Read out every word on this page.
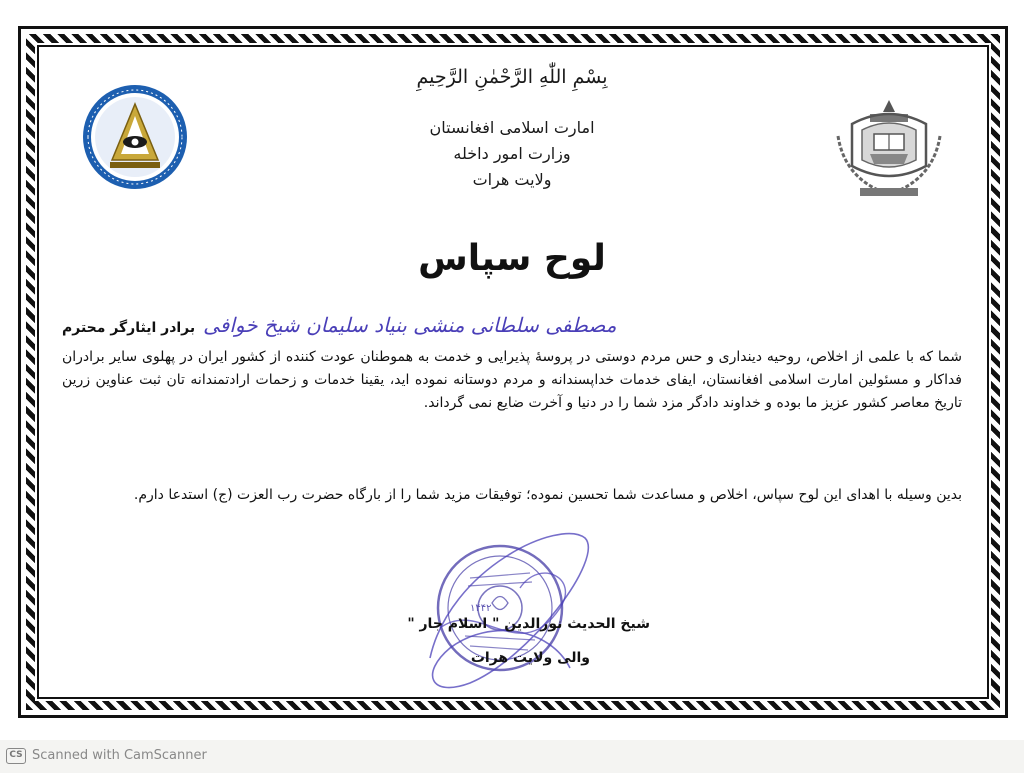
بِسْمِ اللّٰهِ الرَّحْمٰنِ الرَّحِيمِ
امارت اسلامی افغانستان
وزارت امور داخله
ولایت هرات
لوح سپاس
برادر ایثارگر محترم مصطفی سلطانی منشی بنیاد سلیمان شیخ خوافی
شما که با علمی از اخلاص، روحیه دینداری و حس مردم دوستی در پروسهٔ پذیرایی و خدمت به هموطنان عودت کننده از کشور ایران در پهلوی سایر برادران فداکار و مسئولین امارت اسلامی افغانستان، ایفای خدمات خداپسندانه و مردم دوستانه نموده اید، یقینا خدمات و زحمات ارادتمندانه تان ثبت عناوین زرین تاریخ معاصر کشور عزیز ما بوده و خداوند دادگر مزد شما را در دنیا و آخرت ضایع نمی گرداند.
بدین وسیله با اهدای این لوح سپاس، اخلاص و مساعدت شما تحسین نموده؛ توفیقات مزید شما را از بارگاه حضرت رب العزت (ج) استدعا دارم.
۱۴۴۲
شیخ الحدیث نورالدین " اسلام جار "
والی ولایت هرات
CS Scanned with CamScanner
